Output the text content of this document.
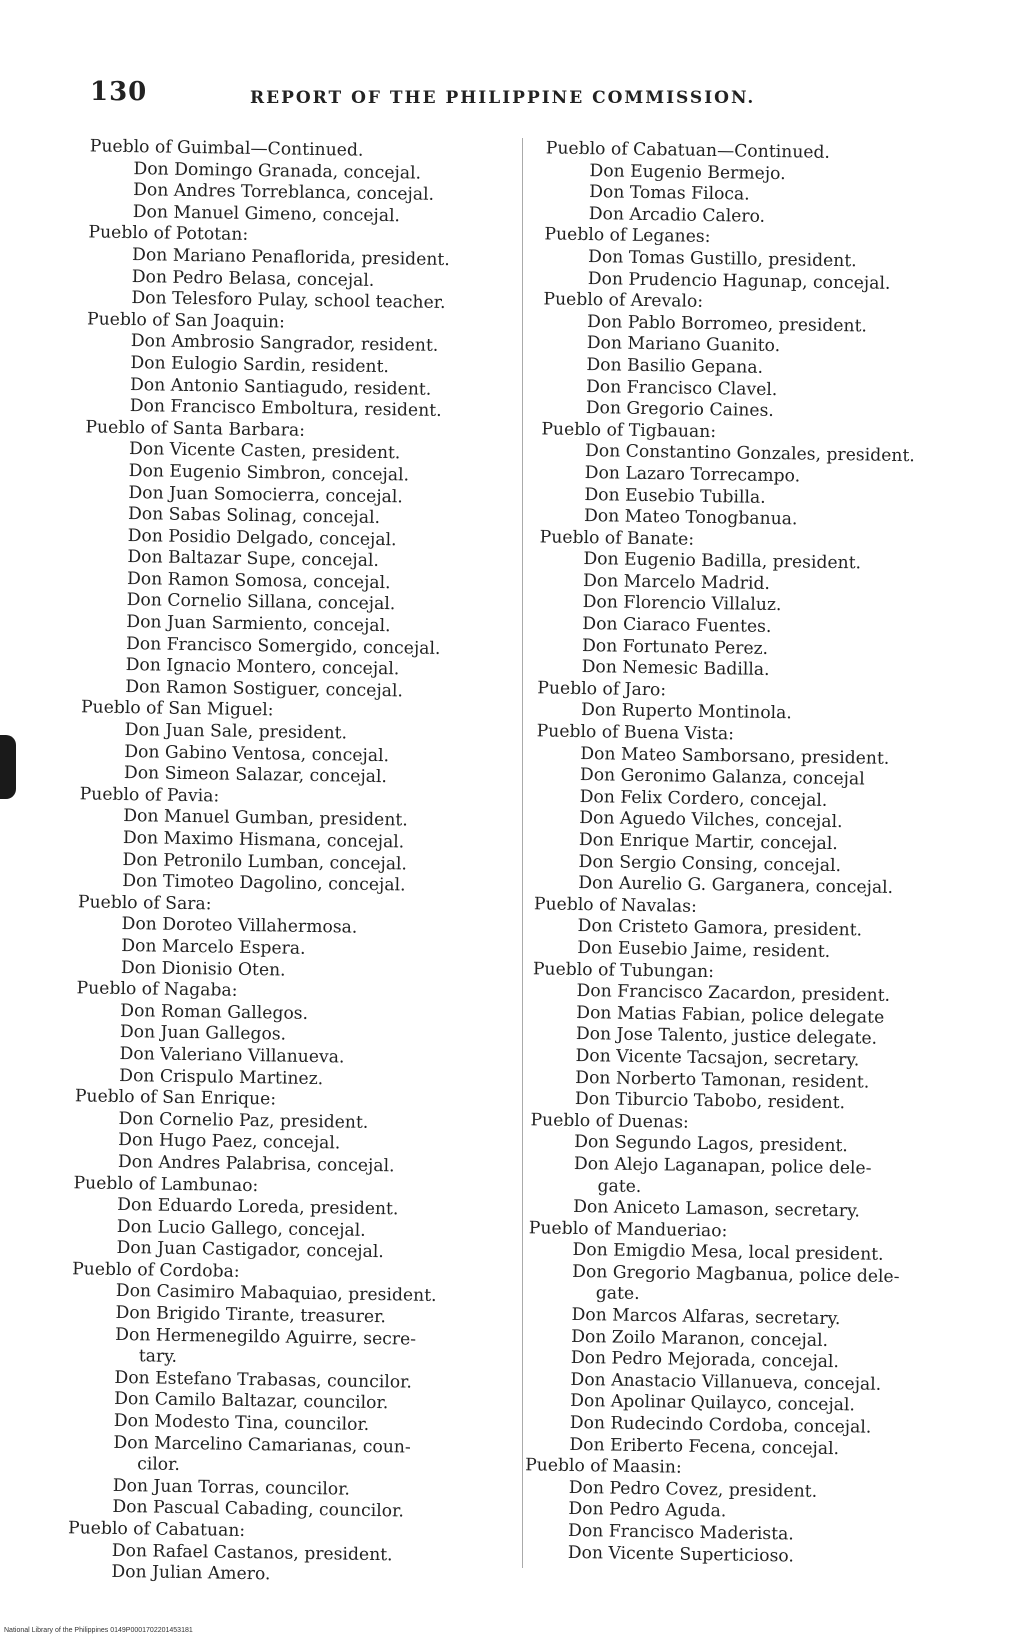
130	REPORT OF THE PHILIPPINE COMMISSION.

Pueblo of Guimbal—Continued.

Don Domingo Granada, concejal.

Don Andres Torreblanca, concejal.

Don Manuel Gimeno, concejal.

Pueblo of Pototan:

Don Mariano Penaflorida, president.

Don Pedro Belasa, concejal.

Don Telesforo Pulay, school teacher.

Pueblo of San Joaquin:

Don Ambrosio Sangrador, resident.

Don Eulogio Sardin, resident.

Don Antonio Santiagudo, resident.

Don Francisco Emboltura, resident.

Pueblo of Santa Barbara:

Don Vicente Casten, president.

Don Eugenio Simbron, concejal.

Don Juan Somocierra, concejal.

Don Sabas Solinag, concejal.

Don Posidio Delgado, concejal.

Don Baltazar Supe, concejal.

Don Ramon Somosa, concejal.

Don Cornelio Sillana, concejal.

Don Juan Sarmiento, concejal.

Don Francisco Somergido, concejal.

Don Ignacio Montero, concejal.

Don Ramon Sostiguer, concejal.

Pueblo of San Miguel:

Don Juan Sale, president.

Don Gabino Ventosa, concejal.

Don Simeon Salazar, concejal.

Pueblo of Pavia:

Don Manuel Gumban, president.

Don Maximo Hismana, concejal.

Don Petronilo Lumban, concejal.

Don Timoteo Dagolino, concejal.

Pueblo of Sara:

Don Doroteo Villahermosa.

Don Marcelo Espera.

Don Dionisio Oten.

Pueblo of Nagaba:

Don Roman Gallegos.

Don Juan Gallegos.

Don Valeriano Villanueva.

Don Crispulo Martinez.

Pueblo of San Enrique:

Don Cornelio Paz, president.

Don Hugo Paez, concejal.

Don Andres Palabrisa, concejal.

Pueblo of Lambunao:

Don Eduardo Loreda, president.

Don Lucio Gallego, concejal.

Don Juan Castigador, concejal.

Pueblo of Cordoba:

Don Casimiro Mabaquiao, president.

Don Brigido Tirante, treasurer.

Don Hermenegildo Aguirre, secre-
tary.

Don Estefano Trabasas, councilor.

Don Camilo Baltazar, councilor.

Don Modesto Tina, councilor.

Don Marcelino Camarianas, coun-
cilor.

Don Juan Torras, councilor.

Don Pascual Cabading, councilor.

Pueblo of Cabatuan:

Don Rafael Castanos, president.

Don Julian Amero.

Pueblo of Cabatuan—Continued.

Don Eugenio Bermejo.

Don Tomas Filoca.

Don Arcadio Calero.

Pueblo of Leganes:

Don Tomas Gustillo, president.

Don Prudencio Hagunap, concejal.

Pueblo of Arevalo:

Don Pablo Borromeo, president.

Don Mariano Guanito.

Don Basilio Gepana.

Don Francisco Clavel.

Don Gregorio Caines.

Pueblo of Tigbauan:

Don Constantino Gonzales, president.

Don Lazaro Torrecampo.

Don Eusebio Tubilla.

Don Mateo Tonogbanua.

Pueblo of Banate:

Don Eugenio Badilla, president.

Don Marcelo Madrid.

Don Florencio Villaluz.

Don Ciaraco Fuentes.

Don Fortunato Perez.

Don Nemesic Badilla.

Pueblo of Jaro:

Don Ruperto Montinola.

Pueblo of Buena Vista:

Don Mateo Samborsano, president.

Don Geronimo Galanza, concejal

Don Felix Cordero, concejal.

Don Aguedo Vilches, concejal.

Don Enrique Martir, concejal.

Don Sergio Consing, concejal.

Don Aurelio G. Garganera, concejal.

Pueblo of Navalas:

Don Cristeto Gamora, president.

Don Eusebio Jaime, resident.

Pueblo of Tubungan:

Don Francisco Zacardon, president.

Don Matias Fabian, police delegate

Don Jose Talento, justice delegate.

Don Vicente Tacsajon, secretary.

Don Norberto Tamonan, resident.

Don Tiburcio Tabobo, resident.

Pueblo of Duenas:

Don Segundo Lagos, president.

Don Alejo Laganapan, police dele-
gate.

Don Aniceto Lamason, secretary.

Pueblo of Mandueriao:

Don Emigdio Mesa, local president.

Don Gregorio Magbanua, police dele-
gate.

Don Marcos Alfaras, secretary.

Don Zoilo Maranon, concejal.

Don Pedro Mejorada, concejal.

Don Anastacio Villanueva, concejal.

Don Apolinar Quilayco, concejal.

Don Rudecindo Cordoba, concejal.

Don Eriberto Fecena, concejal.

Pueblo of Maasin:

Don Pedro Covez, president.

Don Pedro Aguda.

Don Francisco Maderista.

Don Vicente Superticioso.

National Library of the Philippines 0149P0001702201453181
